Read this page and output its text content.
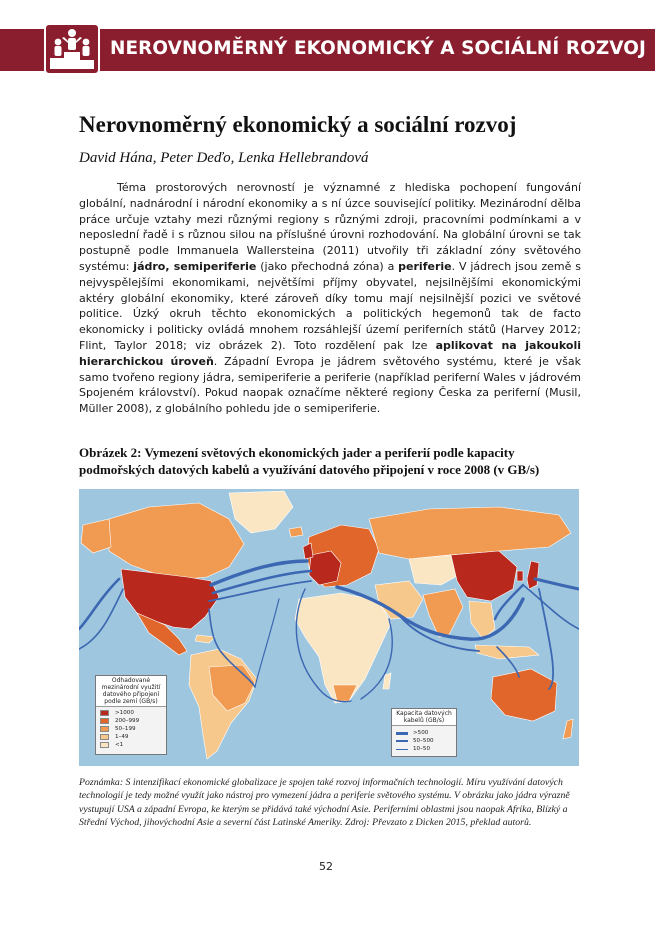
NEROVNOMĚRNÝ EKONOMICKÝ A SOCIÁLNÍ ROZVOJ
Nerovnoměrný ekonomický a sociální rozvoj
David Hána, Peter Deďo, Lenka Hellebrandová

Téma prostorových nerovností je významné z hlediska pochopení fungování globální, nadnárodní i národní ekonomiky a s ní úzce související politiky. Mezinárodní dělba práce určuje vztahy mezi různými regiony s různými zdroji, pracovními podmínkami a v neposlední řadě i s různou silou na příslušné úrovni rozhodování. Na globální úrovni se tak postupně podle Immanuela Wallersteina (2011) utvořily tři základní zóny světového systému: jádro, semiperiferie (jako přechodná zóna) a periferie. V jádrech jsou země s nejvyspělejšími ekonomikami, největšími příjmy obyvatel, nejsilnějšími ekonomickými aktéry globální ekonomiky, které zároveň díky tomu mají nejsilnější pozici ve světové politice. Úzký okruh těchto ekonomických a politických hegemonů tak de facto ekonomicky i politicky ovládá mnohem rozsáhlejší území periferních států (Harvey 2012; Flint, Taylor 2018; viz obrázek 2). Toto rozdělení pak lze aplikovat na jakoukoli hierarchickou úroveň. Západní Evropa je jádrem světového systému, které je však samo tvořeno regiony jádra, semiperiferie a periferie (například periferní Wales v jádrovém Spojeném království). Pokud naopak označíme některé regiony Česka za periferní (Musil, Müller 2008), z globálního pohledu jde o semiperiferie.

Obrázek 2: Vymezení světových ekonomických jader a periferií podle kapacity podmořských datových kabelů a využívání datového připojení v roce 2008 (v GB/s)
Odhadované mezinárodní využití datového připojení podle zemí (GB/s)
>1000
200–999
50–199
1–49
<1
Kapacita datových kabelů (GB/s)
>500
50–500
10–50
Poznámka: S intenzifikací ekonomické globalizace je spojen také rozvoj informačních technologií. Míru využívání datových technologií je tedy možné využít jako nástroj pro vymezení jádra a periferie světového systému. V obrázku jako jádra výrazně vystupují USA a západní Evropa, ke kterým se přidává také východní Asie. Periferními oblastmi jsou naopak Afrika, Blízký a Střední Východ, jihovýchodní Asie a severní část Latinské Ameriky. Zdroj: Převzato z Dicken 2015, překlad autorů.
52
